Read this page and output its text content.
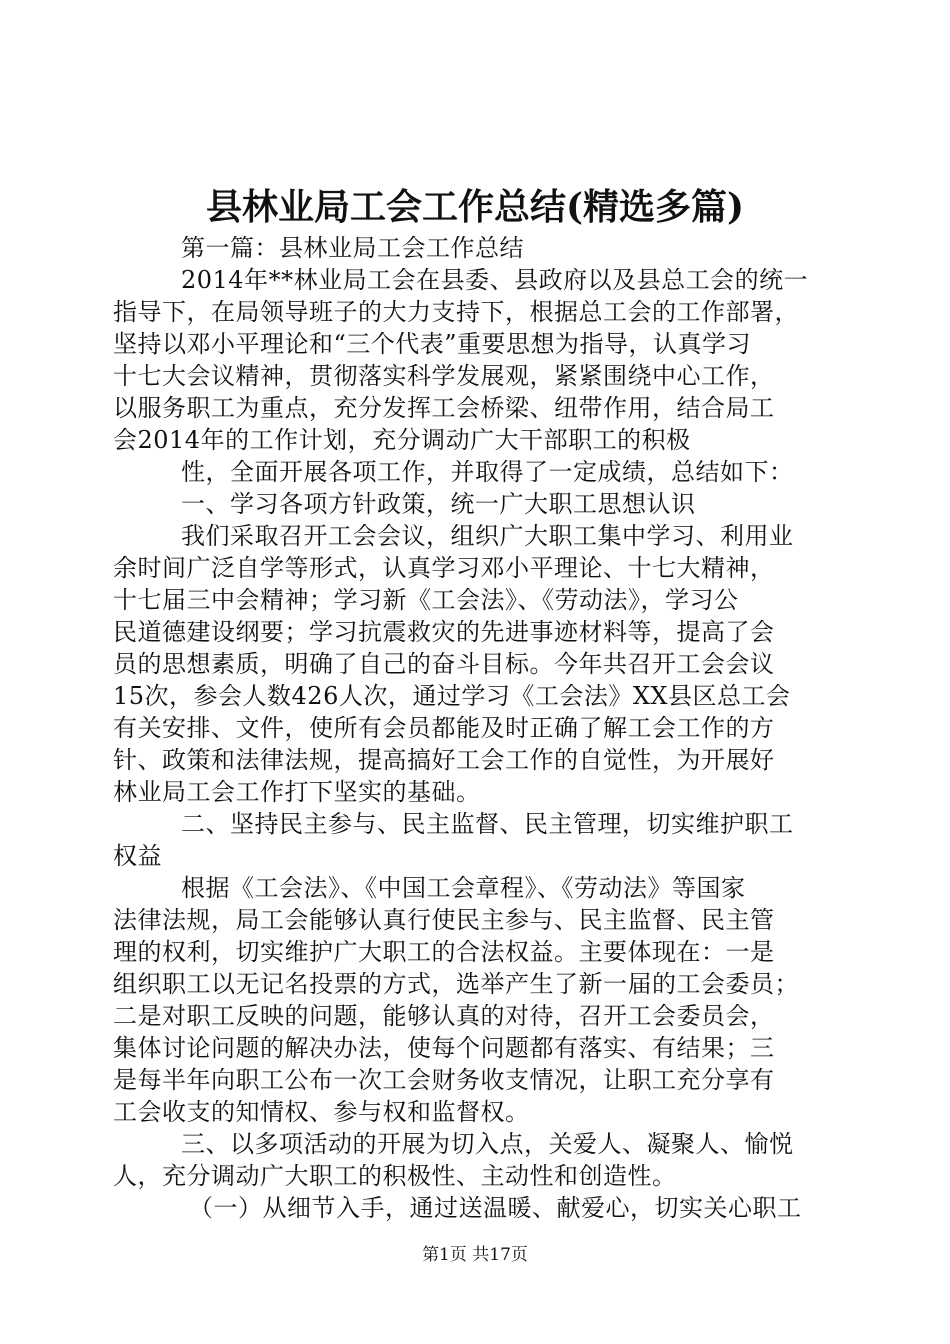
县林业局工会工作总结(精选多篇)
第一篇：县林业局工会工作总结
2014年**林业局工会在县委、县政府以及县总工会的统一
指导下，在局领导班子的大力支持下，根据总工会的工作部署，
坚持以邓小平理论和“三个代表”重要思想为指导，认真学习
十七大会议精神，贯彻落实科学发展观，紧紧围绕中心工作，
以服务职工为重点，充分发挥工会桥梁、纽带作用，结合局工
会2014年的工作计划，充分调动广大干部职工的积极
性，全面开展各项工作，并取得了一定成绩，总结如下：
一、学习各项方针政策，统一广大职工思想认识
我们采取召开工会会议，组织广大职工集中学习、利用业
余时间广泛自学等形式，认真学习邓小平理论、十七大精神，
十七届三中会精神；学习新《工会法》、《劳动法》，学习公
民道德建设纲要；学习抗震救灾的先进事迹材料等，提高了会
员的思想素质，明确了自己的奋斗目标。今年共召开工会会议
15次，参会人数426人次，通过学习《工会法》XX县区总工会
有关安排、文件，使所有会员都能及时正确了解工会工作的方
针、政策和法律法规，提高搞好工会工作的自觉性，为开展好
林业局工会工作打下坚实的基础。
二、坚持民主参与、民主监督、民主管理，切实维护职工
权益
根据《工会法》、《中国工会章程》、《劳动法》等国家
法律法规，局工会能够认真行使民主参与、民主监督、民主管
理的权利，切实维护广大职工的合法权益。主要体现在：一是
组织职工以无记名投票的方式，选举产生了新一届的工会委员；
二是对职工反映的问题，能够认真的对待，召开工会委员会，
集体讨论问题的解决办法，使每个问题都有落实、有结果；三
是每半年向职工公布一次工会财务收支情况，让职工充分享有
工会收支的知情权、参与权和监督权。
三、以多项活动的开展为切入点，关爱人、凝聚人、愉悦
人，充分调动广大职工的积极性、主动性和创造性。
（一）从细节入手，通过送温暖、献爱心，切实关心职工
第1页 共17页
